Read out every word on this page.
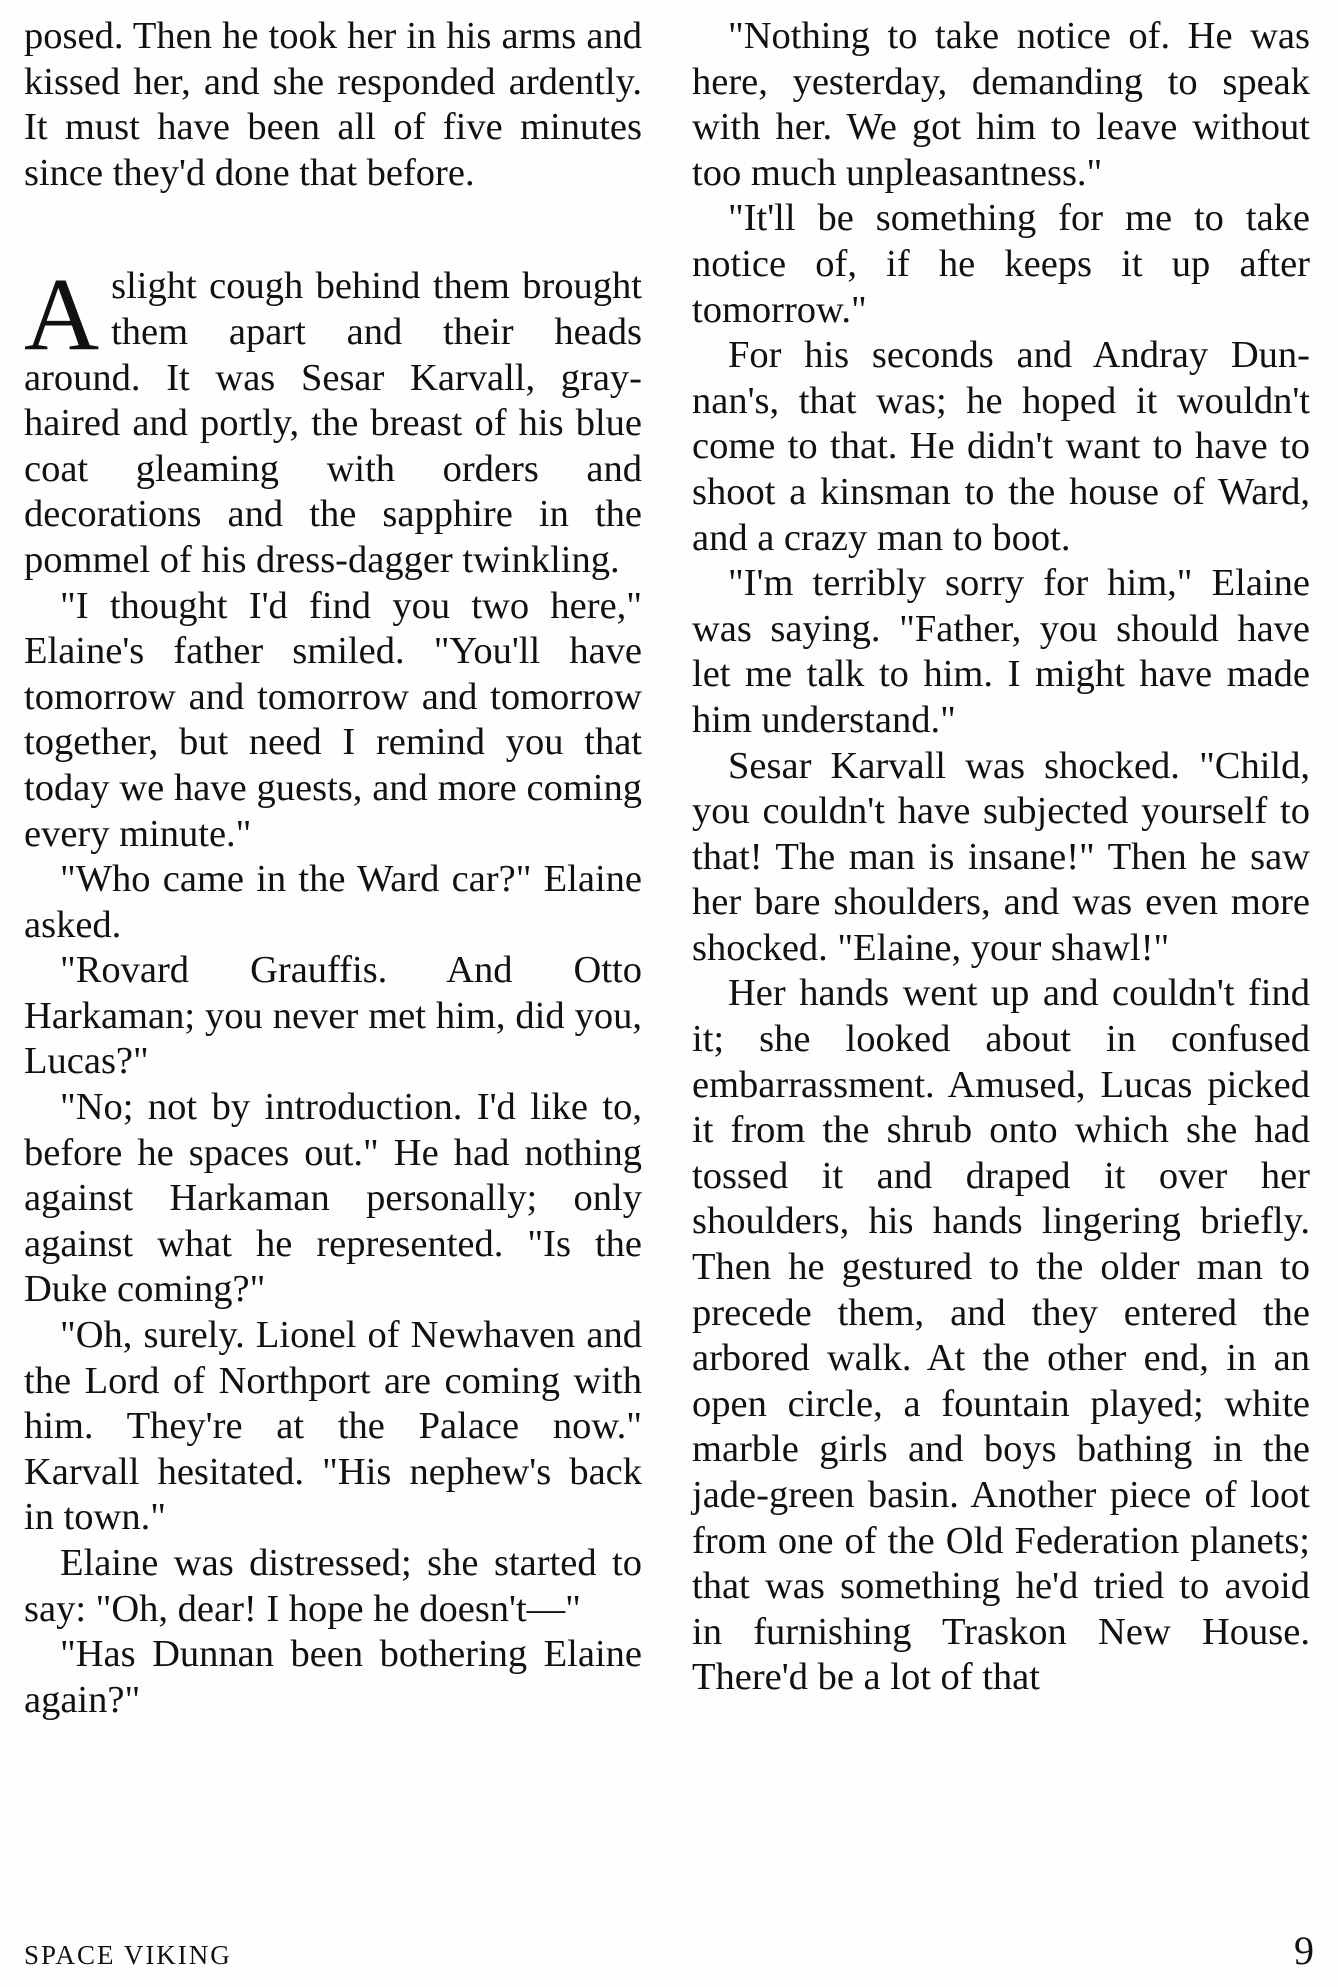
posed. Then he took her in his arms and kissed her, and she responded ardently. It must have been all of five minutes since they'd done that before.

Aslight cough behind them brought them apart and their heads around. It was Sesar Karvall, gray-haired and portly, the breast of his blue coat gleaming with orders and decorations and the sapphire in the pommel of his dress-dagger twinkling.

"I thought I'd find you two here," Elaine's father smiled. "You'll have tomorrow and tomorrow and tomorrow together, but need I remind you that today we have guests, and more coming every minute."

"Who came in the Ward car?" Elaine asked.

"Rovard Grauffis. And Otto Harkaman; you never met him, did you, Lucas?"

"No; not by introduction. I'd like to, before he spaces out." He had nothing against Harkaman personally; only against what he represented. "Is the Duke coming?"

"Oh, surely. Lionel of Newhaven and the Lord of Northport are coming with him. They're at the Palace now." Karvall hesitated. "His nephew's back in town."

Elaine was distressed; she started to say: "Oh, dear! I hope he doesn't—"

"Has Dunnan been bothering Elaine again?"

"Nothing to take notice of. He was here, yesterday, demanding to speak with her. We got him to leave without too much unpleasantness."

"It'll be something for me to take notice of, if he keeps it up after tomorrow."

For his seconds and Andray Dunnan's, that was; he hoped it wouldn't come to that. He didn't want to have to shoot a kinsman to the house of Ward, and a crazy man to boot.

"I'm terribly sorry for him," Elaine was saying. "Father, you should have let me talk to him. I might have made him understand."

Sesar Karvall was shocked. "Child, you couldn't have subjected yourself to that! The man is insane!" Then he saw her bare shoulders, and was even more shocked. "Elaine, your shawl!"

Her hands went up and couldn't find it; she looked about in confused embarrassment. Amused, Lucas picked it from the shrub onto which she had tossed it and draped it over her shoulders, his hands lingering briefly. Then he gestured to the older man to precede them, and they entered the arbored walk. At the other end, in an open circle, a fountain played; white marble girls and boys bathing in the jade-green basin. Another piece of loot from one of the Old Federation planets; that was something he'd tried to avoid in furnishing Traskon New House. There'd be a lot of that

SPACE VIKING	9
